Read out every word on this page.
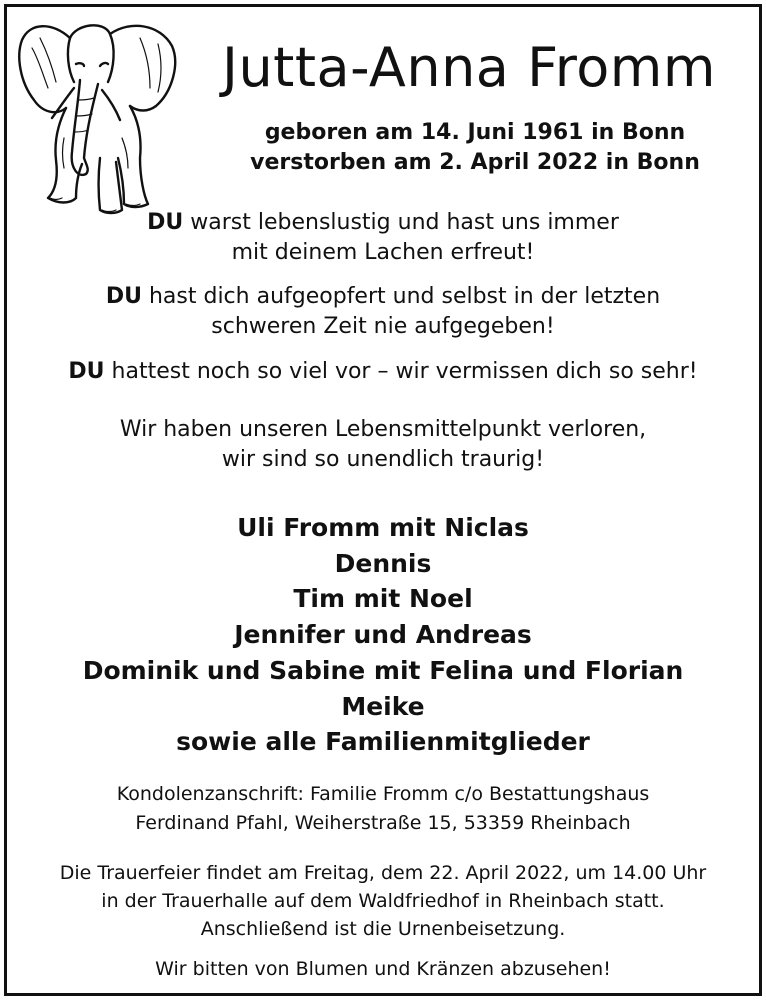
Jutta-Anna Fromm
geboren am 14. Juni 1961 in Bonn
verstorben am 2. April 2022 in Bonn
DU warst lebenslustig und hast uns immer
mit deinem Lachen erfreut!
DU hast dich aufgeopfert und selbst in der letzten
schweren Zeit nie aufgegeben!
DU hattest noch so viel vor – wir vermissen dich so sehr!
Wir haben unseren Lebensmittelpunkt verloren,
wir sind so unendlich traurig!
Uli Fromm mit Niclas
Dennis
Tim mit Noel
Jennifer und Andreas
Dominik und Sabine mit Felina und Florian
Meike
sowie alle Familienmitglieder
Kondolenzanschrift: Familie Fromm c/o Bestattungshaus
Ferdinand Pfahl, Weiherstraße 15, 53359 Rheinbach
Die Trauerfeier findet am Freitag, dem 22. April 2022, um 14.00 Uhr
in der Trauerhalle auf dem Waldfriedhof in Rheinbach statt.
Anschließend ist die Urnenbeisetzung.
Wir bitten von Blumen und Kränzen abzusehen!
